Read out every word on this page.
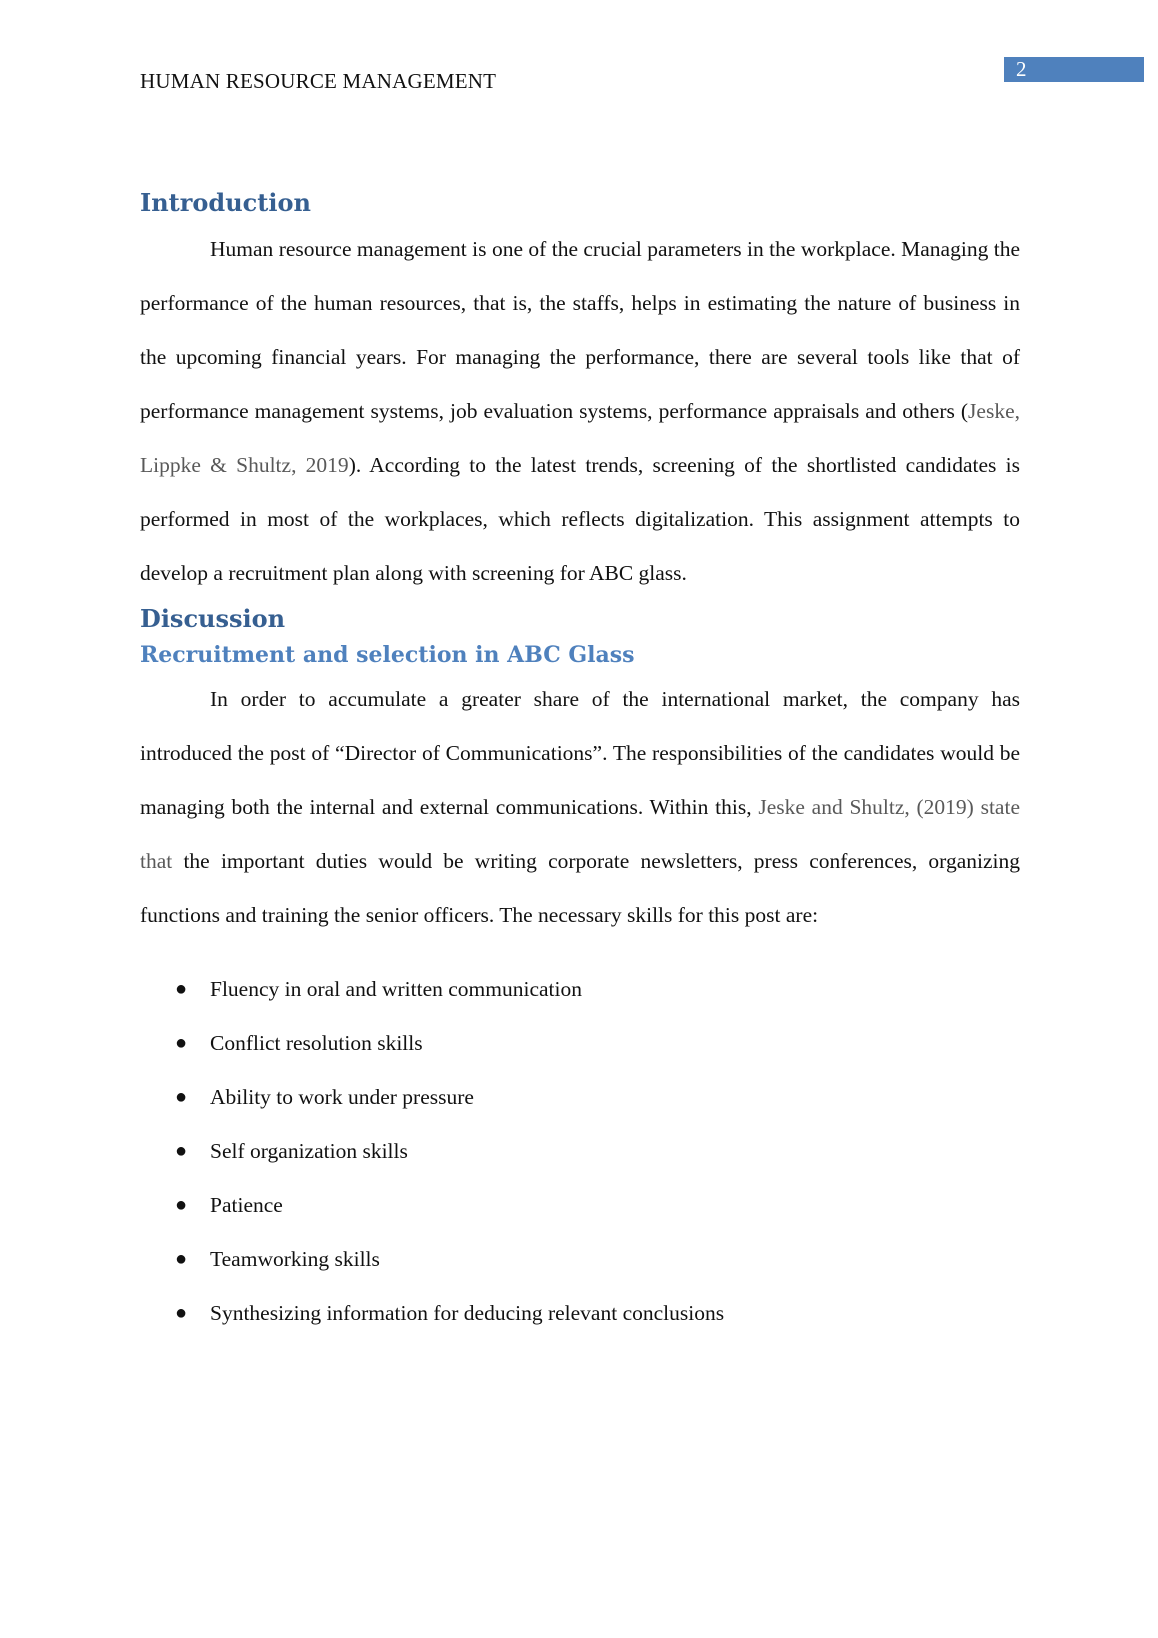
2
HUMAN RESOURCE MANAGEMENT
Introduction

Human resource management is one of the crucial parameters in the workplace. Managing the performance of the human resources, that is, the staffs, helps in estimating the nature of business in the upcoming financial years. For managing the performance, there are several tools like that of performance management systems, job evaluation systems, performance appraisals and others (Jeske, Lippke & Shultz, 2019). According to the latest trends, screening of the shortlisted candidates is performed in most of the workplaces, which reflects digitalization. This assignment attempts to develop a recruitment plan along with screening for ABC glass.

Discussion
Recruitment and selection in ABC Glass

In order to accumulate a greater share of the international market, the company has introduced the post of “Director of Communications”. The responsibilities of the candidates would be managing both the internal and external communications. Within this, Jeske and Shultz, (2019) state that the important duties would be writing corporate newsletters, press conferences, organizing functions and training the senior officers. The necessary skills for this post are:

● Fluency in oral and written communication
● Conflict resolution skills
● Ability to work under pressure
● Self organization skills
● Patience
● Teamworking skills
● Synthesizing information for deducing relevant conclusions
